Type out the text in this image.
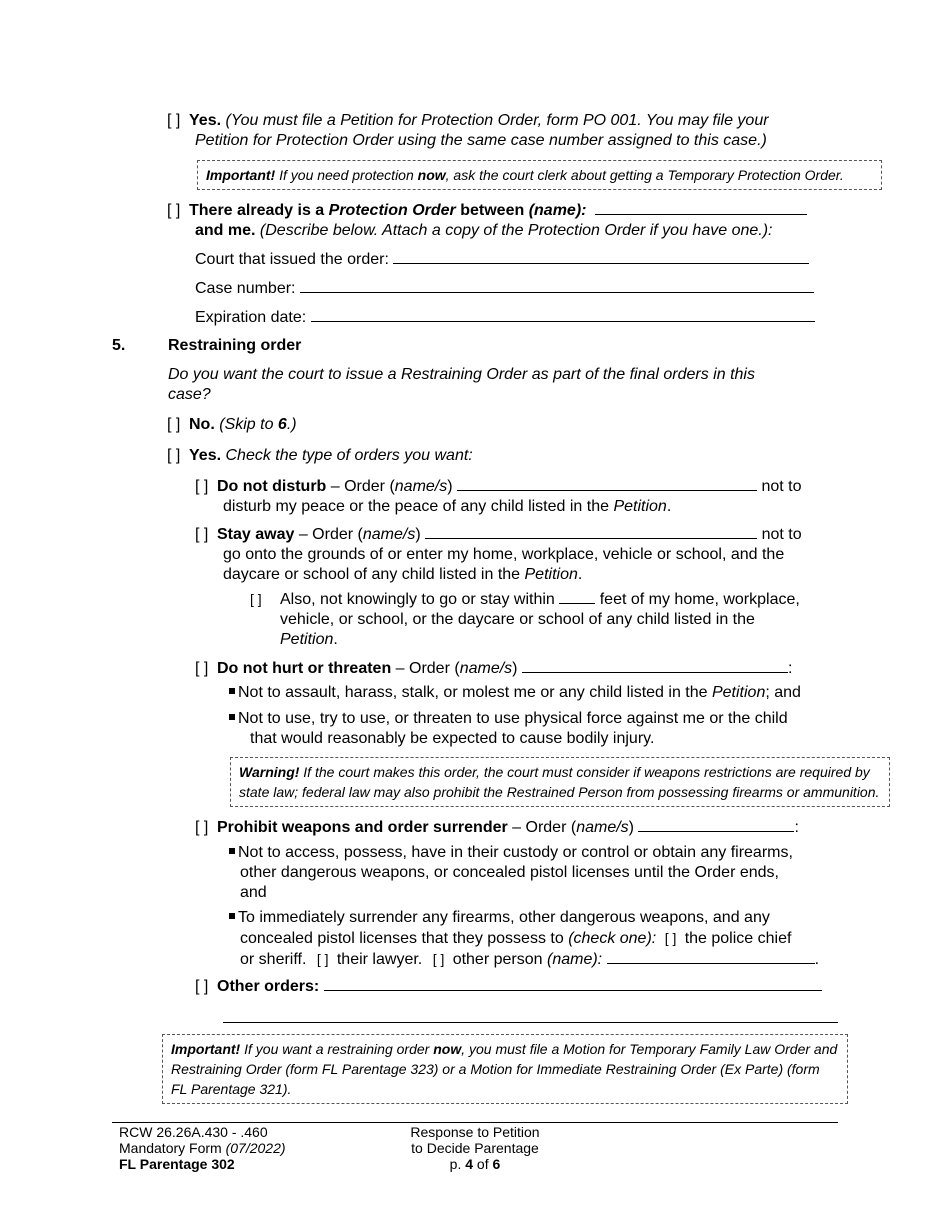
[ ] Yes. (You must file a Petition for Protection Order, form PO 001. You may file your
Petition for Protection Order using the same case number assigned to this case.)
Important! If you need protection now, ask the court clerk about getting a Temporary Protection Order.
[ ] There already is a Protection Order between (name):
and me. (Describe below. Attach a copy of the Protection Order if you have one.):
Court that issued the order:
Case number:
Expiration date:
5.	Restraining order
Do you want the court to issue a Restraining Order as part of the final orders in this
case?
[ ] No. (Skip to 6.)
[ ] Yes. Check the type of orders you want:
[ ] Do not disturb – Order (name/s)	not to
disturb my peace or the peace of any child listed in the Petition.
[ ] Stay away – Order (name/s)	not to
go onto the grounds of or enter my home, workplace, vehicle or school, and the
daycare or school of any child listed in the Petition.
[ ] Also, not knowingly to go or stay within	feet of my home, workplace,
vehicle, or school, or the daycare or school of any child listed in the
Petition.
[ ] Do not hurt or threaten – Order (name/s)	:
Not to assault, harass, stalk, or molest me or any child listed in the Petition; and
Not to use, try to use, or threaten to use physical force against me or the child
that would reasonably be expected to cause bodily injury.
Warning! If the court makes this order, the court must consider if weapons restrictions are required by
state law; federal law may also prohibit the Restrained Person from possessing firearms or ammunition.
[ ] Prohibit weapons and order surrender – Order (name/s)	:
Not to access, possess, have in their custody or control or obtain any firearms,
other dangerous weapons, or concealed pistol licenses until the Order ends,
and
To immediately surrender any firearms, other dangerous weapons, and any
concealed pistol licenses that they possess to (check one): [ ] the police chief
or sheriff. [ ] their lawyer. [ ] other person (name):	.
[ ] Other orders:
Important! If you want a restraining order now, you must file a Motion for Temporary Family Law Order and
Restraining Order (form FL Parentage 323) or a Motion for Immediate Restraining Order (Ex Parte) (form
FL Parentage 321).
RCW 26.26A.430 - .460
Mandatory Form (07/2022)
FL Parentage 302
Response to Petition
to Decide Parentage
p. 4 of 6
